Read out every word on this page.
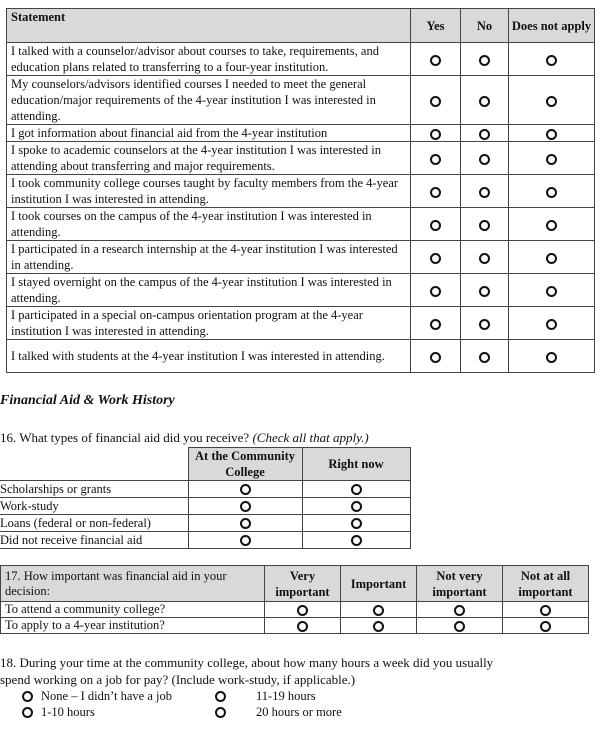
Statement	Yes	No	Does not apply
I talked with a counselor/advisor about courses to take, requirements, and education plans related to transferring to a four-year institution.			
My counselors/advisors identified courses I needed to meet the general education/major requirements of the 4-year institution I was interested in attending.			
I got information about financial aid from the 4-year institution			
I spoke to academic counselors at the 4-year institution I was interested in attending about transferring and major requirements.			
I took community college courses taught by faculty members from the 4-year institution I was interested in attending.			
I took courses on the campus of the 4-year institution I was interested in attending.			
I participated in a research internship at the 4-year institution I was interested in attending.			
I stayed overnight on the campus of the 4-year institution I was interested in attending.			
I participated in a special on-campus orientation program at the 4-year institution I was interested in attending.			
I talked with students at the 4-year institution I was interested in attending.			
Financial Aid & Work History
16. What types of financial aid did you receive? (Check all that apply.)
	At the Community College	Right now
Scholarships or grants		
Work-study		
Loans (federal or non-federal)		
Did not receive financial aid		
17. How important was financial aid in your decision:	Very important	Important	Not very important	Not at all important
To attend a community college?				
To apply to a 4-year institution?				
18. During your time at the community college, about how many hours a week did you usually
spend working on a job for pay? (Include work-study, if applicable.)
None – I didn’t have a job
1-10 hours
11-19 hours
20 hours or more
